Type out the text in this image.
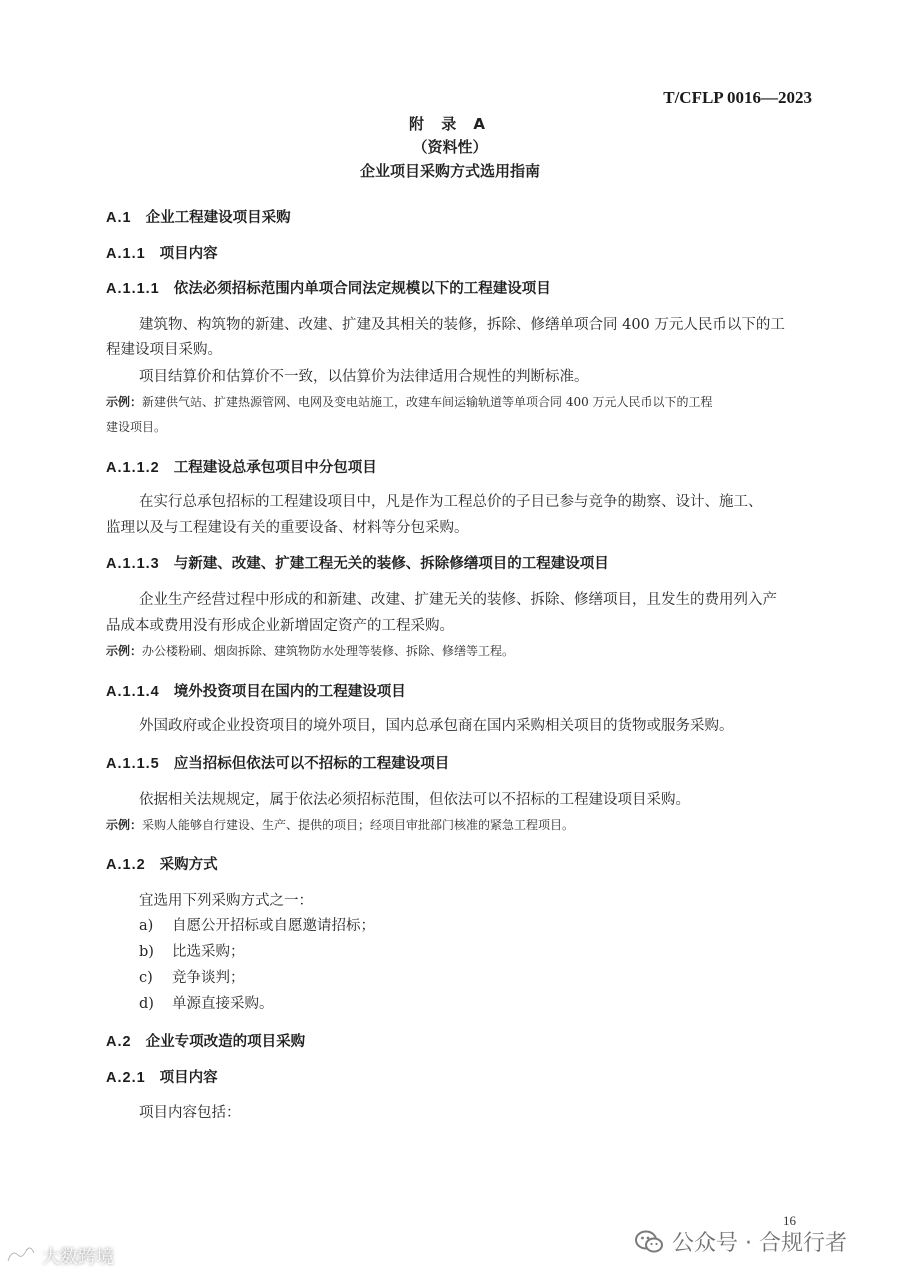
T/CFLP 0016—2023
附 录 A
（资料性）
企业项目采购方式选用指南
A.1 企业工程建设项目采购
A.1.1 项目内容
A.1.1.1 依法必须招标范围内单项合同法定规模以下的工程建设项目
建筑物、构筑物的新建、改建、扩建及其相关的装修，拆除、修缮单项合同 400 万元人民币以下的工
程建设项目采购。
项目结算价和估算价不一致，以估算价为法律适用合规性的判断标准。
示例：新建供气站、扩建热源管网、电网及变电站施工，改建车间运输轨道等单项合同 400 万元人民币以下的工程
建设项目。
A.1.1.2 工程建设总承包项目中分包项目
在实行总承包招标的工程建设项目中，凡是作为工程总价的子目已参与竞争的勘察、设计、施工、
监理以及与工程建设有关的重要设备、材料等分包采购。
A.1.1.3 与新建、改建、扩建工程无关的装修、拆除修缮项目的工程建设项目
企业生产经营过程中形成的和新建、改建、扩建无关的装修、拆除、修缮项目，且发生的费用列入产
品成本或费用没有形成企业新增固定资产的工程采购。
示例：办公楼粉刷、烟囱拆除、建筑物防水处理等装修、拆除、修缮等工程。
A.1.1.4 境外投资项目在国内的工程建设项目
外国政府或企业投资项目的境外项目，国内总承包商在国内采购相关项目的货物或服务采购。
A.1.1.5 应当招标但依法可以不招标的工程建设项目
依据相关法规规定，属于依法必须招标范围，但依法可以不招标的工程建设项目采购。
示例：采购人能够自行建设、生产、提供的项目；经项目审批部门核准的紧急工程项目。
A.1.2 采购方式
宜选用下列采购方式之一：
a) 自愿公开招标或自愿邀请招标；
b) 比选采购；
c) 竞争谈判；
d) 单源直接采购。
A.2 企业专项改造的项目采购
A.2.1 项目内容
项目内容包括：
16
公众号 · 合规行者
大数跨境
